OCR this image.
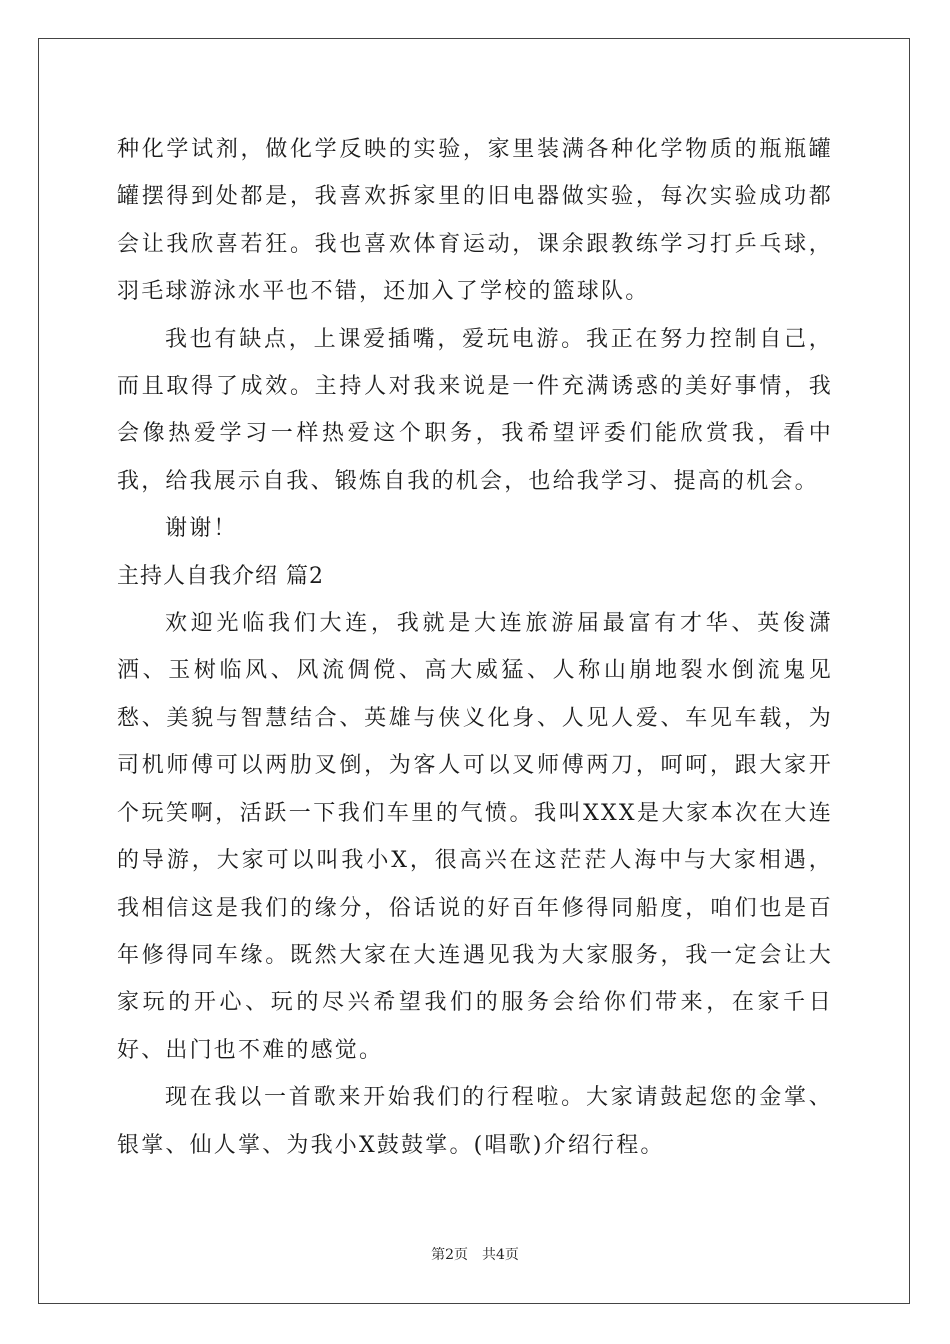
种化学试剂，做化学反映的实验，家里装满各种化学物质的瓶瓶罐罐摆得到处都是，我喜欢拆家里的旧电器做实验，每次实验成功都会让我欣喜若狂。我也喜欢体育运动，课余跟教练学习打乒乓球，羽毛球游泳水平也不错，还加入了学校的篮球队。

我也有缺点，上课爱插嘴，爱玩电游。我正在努力控制自己，而且取得了成效。主持人对我来说是一件充满诱惑的美好事情，我会像热爱学习一样热爱这个职务，我希望评委们能欣赏我，看中我，给我展示自我、锻炼自我的机会，也给我学习、提高的机会。

谢谢！

主持人自我介绍 篇2

欢迎光临我们大连，我就是大连旅游届最富有才华、英俊潇洒、玉树临风、风流倜傥、高大威猛、人称山崩地裂水倒流鬼见愁、美貌与智慧结合、英雄与侠义化身、人见人爱、车见车载，为司机师傅可以两肋叉倒，为客人可以叉师傅两刀，呵呵，跟大家开个玩笑啊，活跃一下我们车里的气愤。我叫XXX是大家本次在大连的导游，大家可以叫我小X，很高兴在这茫茫人海中与大家相遇，我相信这是我们的缘分，俗话说的好百年修得同船度，咱们也是百年修得同车缘。既然大家在大连遇见我为大家服务，我一定会让大家玩的开心、玩的尽兴希望我们的服务会给你们带来，在家千日好、出门也不难的感觉。

现在我以一首歌来开始我们的行程啦。大家请鼓起您的金掌、银掌、仙人掌、为我小X鼓鼓掌。(唱歌)介绍行程。

第2页 共4页
